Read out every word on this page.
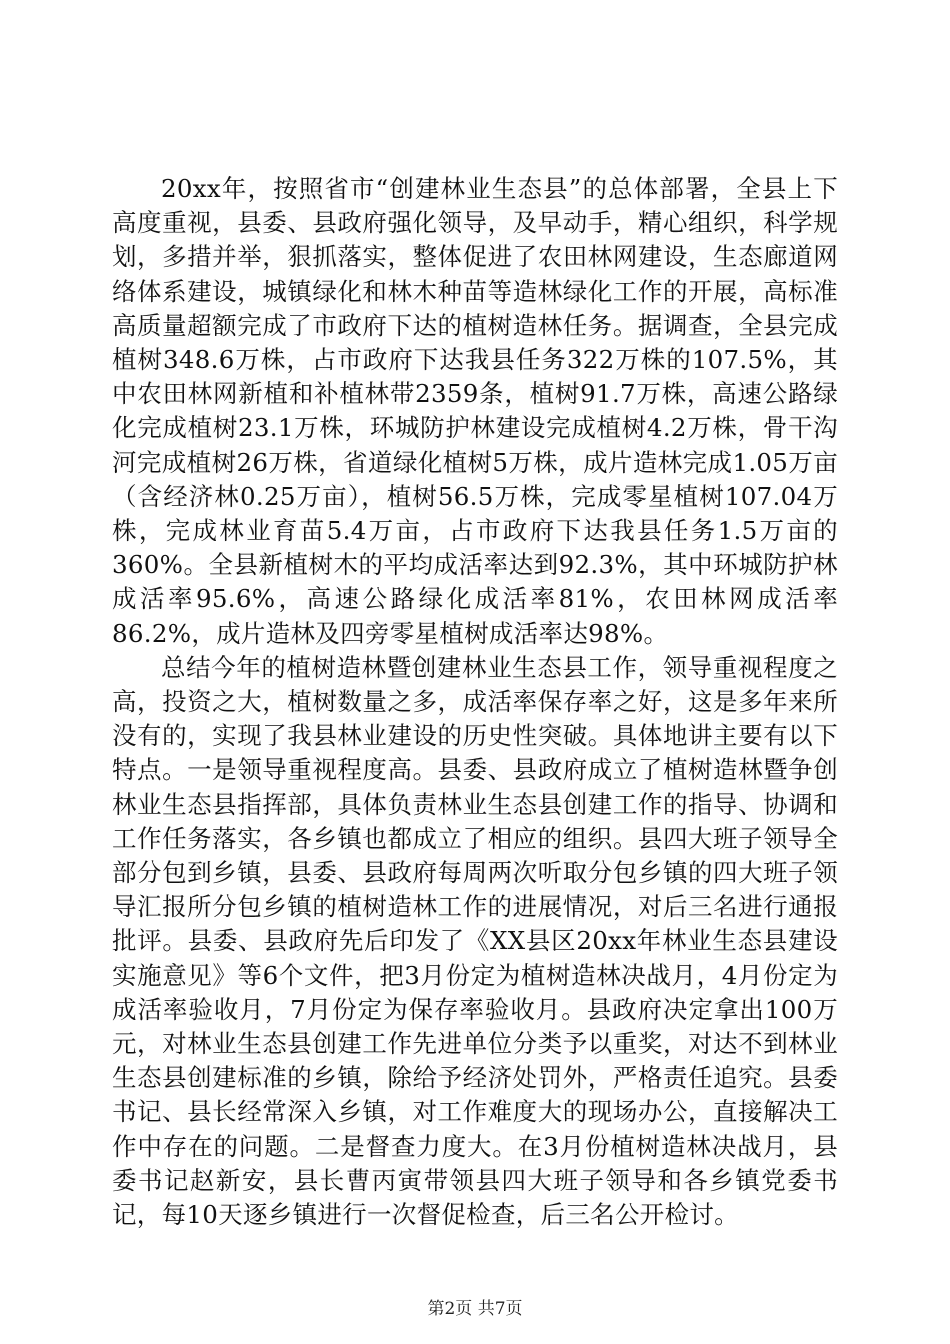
20xx年，按照省市“创建林业生态县”的总体部署，全县上下高度重视，县委、县政府强化领导，及早动手，精心组织，科学规划，多措并举，狠抓落实，整体促进了农田林网建设，生态廊道网络体系建设，城镇绿化和林木种苗等造林绿化工作的开展，高标准高质量超额完成了市政府下达的植树造林任务。据调查，全县完成植树348.6万株，占市政府下达我县任务322万株的107.5%，其中农田林网新植和补植林带2359条，植树91.7万株，高速公路绿化完成植树23.1万株，环城防护林建设完成植树4.2万株，骨干沟河完成植树26万株，省道绿化植树5万株，成片造林完成1.05万亩（含经济林0.25万亩），植树56.5万株，完成零星植树107.04万株，完成林业育苗5.4万亩，占市政府下达我县任务1.5万亩的360%。全县新植树木的平均成活率达到92.3%，其中环城防护林成活率95.6%，高速公路绿化成活率81%，农田林网成活率86.2%，成片造林及四旁零星植树成活率达98%。

总结今年的植树造林暨创建林业生态县工作，领导重视程度之高，投资之大，植树数量之多，成活率保存率之好，这是多年来所没有的，实现了我县林业建设的历史性突破。具体地讲主要有以下特点。一是领导重视程度高。县委、县政府成立了植树造林暨争创林业生态县指挥部，具体负责林业生态县创建工作的指导、协调和工作任务落实，各乡镇也都成立了相应的组织。县四大班子领导全部分包到乡镇，县委、县政府每周两次听取分包乡镇的四大班子领导汇报所分包乡镇的植树造林工作的进展情况，对后三名进行通报批评。县委、县政府先后印发了《XX县区20xx年林业生态县建设实施意见》等6个文件，把3月份定为植树造林决战月，4月份定为成活率验收月，7月份定为保存率验收月。县政府决定拿出100万元，对林业生态县创建工作先进单位分类予以重奖，对达不到林业生态县创建标准的乡镇，除给予经济处罚外，严格责任追究。县委书记、县长经常深入乡镇，对工作难度大的现场办公，直接解决工作中存在的问题。二是督查力度大。在3月份植树造林决战月，县委书记赵新安，县长曹丙寅带领县四大班子领导和各乡镇党委书记，每10天逐乡镇进行一次督促检查，后三名公开检讨。

第2页 共7页
